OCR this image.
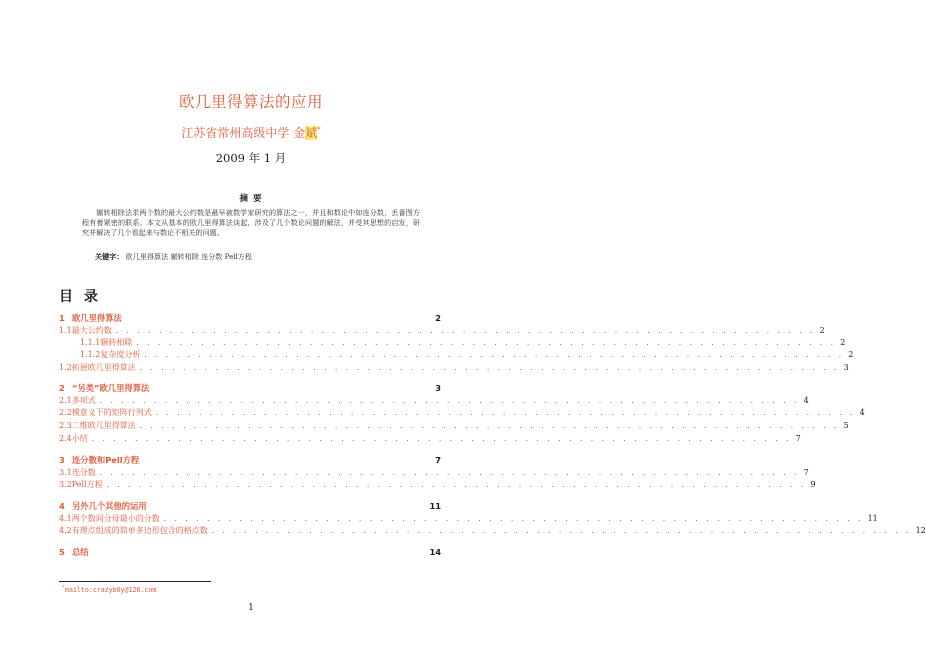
欧几里得算法的应用
江苏省常州高级中学 金斌*
2009 年 1 月
摘 要
辗转相除法求两个数的最大公约数是最早被数学家研究的算法之一，并且和数论中如连分数，丢番图方程有着紧密的联系。本文从基本的欧几里得算法谈起，涉及了几个数论问题的解法，并受其思想的启发，研究并解决了几个看起来与数论不相关的问题。
关键字： 欧几里得算法 辗转相除 连分数 Pell方程
目 录
1 欧几里得算法	2
1.1 最大公约数 . . . . . . . . . . . . . . . . . . . . . . . . . . . . . . . . . . . . . . . . . . . . . . . . . . . . . . . . . . . . . . . . . 2
1.1.1 辗转相除 . . . . . . . . . . . . . . . . . . . . . . . . . . . . . . . . . . . . . . . . . . . . . . . . . . . . . . . . . . . . . . . . . 2
1.1.2 复杂度分析 . . . . . . . . . . . . . . . . . . . . . . . . . . . . . . . . . . . . . . . . . . . . . . . . . . . . . . . . . . . . . . . . . 2
1.2 拓展欧几里得算法 . . . . . . . . . . . . . . . . . . . . . . . . . . . . . . . . . . . . . . . . . . . . . . . . . . . . . . . . . . . . . . . . . 3
2 “另类”欧几里得算法	3
2.1 多项式 . . . . . . . . . . . . . . . . . . . . . . . . . . . . . . . . . . . . . . . . . . . . . . . . . . . . . . . . . . . . . . . . . 4
2.2 模意义下的矩阵行列式 . . . . . . . . . . . . . . . . . . . . . . . . . . . . . . . . . . . . . . . . . . . . . . . . . . . . . . . . . . . . . . . . . 4
2.3 二维欧几里得算法 . . . . . . . . . . . . . . . . . . . . . . . . . . . . . . . . . . . . . . . . . . . . . . . . . . . . . . . . . . . . . . . . . 5
2.4 小结 . . . . . . . . . . . . . . . . . . . . . . . . . . . . . . . . . . . . . . . . . . . . . . . . . . . . . . . . . . . . . . . . . 7
3 连分数和Pell方程	7
3.1 连分数 . . . . . . . . . . . . . . . . . . . . . . . . . . . . . . . . . . . . . . . . . . . . . . . . . . . . . . . . . . . . . . . . . 7
3.2 Pell方程 . . . . . . . . . . . . . . . . . . . . . . . . . . . . . . . . . . . . . . . . . . . . . . . . . . . . . . . . . . . . . . . . . 9
4 另外几个其他的运用	11
4.1 两个数间分母最小的分数 . . . . . . . . . . . . . . . . . . . . . . . . . . . . . . . . . . . . . . . . . . . . . . . . . . . . . . . . . . . . . . . . . 11
4.2 有理点组成的简单多边形包含的格点数 . . . . . . . . . . . . . . . . . . . . . . . . . . . . . . . . . . . . . . . . . . . . . . . . . . . . . . . . . . . . . . . . . 12
5 总结	14
*mailto:crazyb0y@126.com
1
